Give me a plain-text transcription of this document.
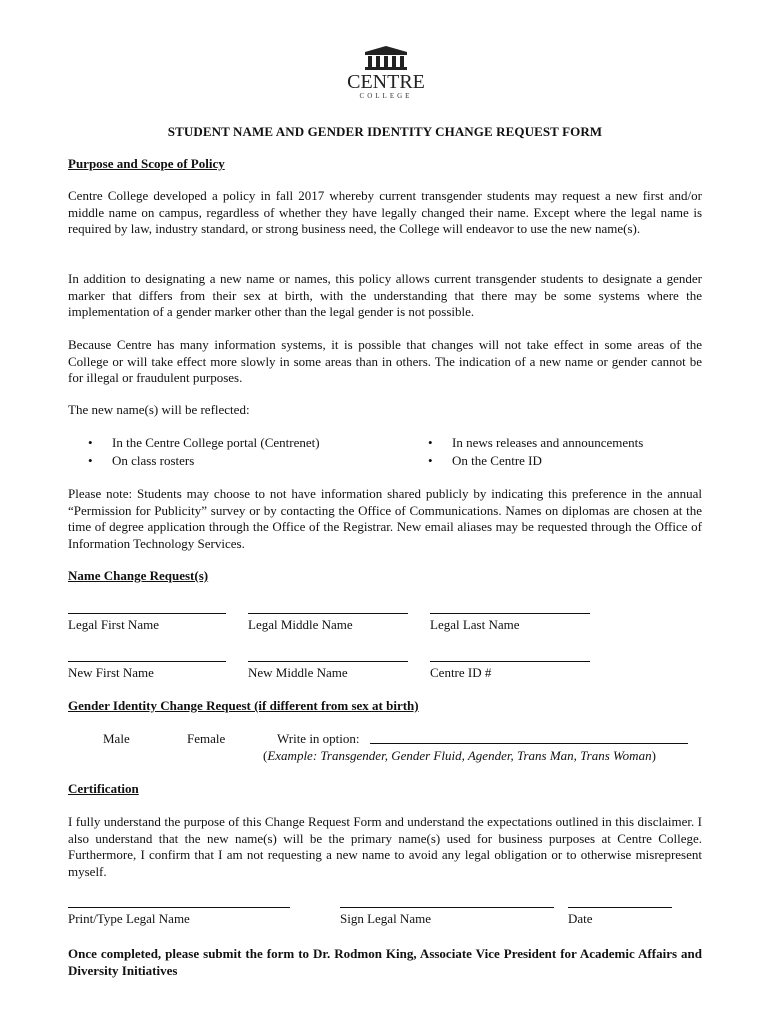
CENTRE
COLLEGE
STUDENT NAME AND GENDER IDENTITY CHANGE REQUEST FORM
Purpose and Scope of Policy
Centre College developed a policy in fall 2017 whereby current transgender students may request a new first and/or middle name on campus, regardless of whether they have legally changed their name. Except where the legal name is required by law, industry standard, or strong business need, the College will endeavor to use the new name(s).
In addition to designating a new name or names, this policy allows current transgender students to designate a gender marker that differs from their sex at birth, with the understanding that there may be some systems where the implementation of a gender marker other than the legal gender is not possible.
Because Centre has many information systems, it is possible that changes will not take effect in some areas of the College or will take effect more slowly in some areas than in others. The indication of a new name or gender cannot be for illegal or fraudulent purposes.
The new name(s) will be reflected:
• In the Centre College portal (Centrenet)
• On class rosters
• In news releases and announcements
• On the Centre ID
Please note: Students may choose to not have information shared publicly by indicating this preference in the annual “Permission for Publicity” survey or by contacting the Office of Communications. Names on diplomas are chosen at the time of degree application through the Office of the Registrar. New email aliases may be requested through the Office of Information Technology Services.
Name Change Request(s)
Legal First Name	Legal Middle Name	Legal Last Name
New First Name	New Middle Name	Centre ID #
Gender Identity Change Request (if different from sex at birth)
Male	Female	Write in option:
(Example: Transgender, Gender Fluid, Agender, Trans Man, Trans Woman)
Certification
I fully understand the purpose of this Change Request Form and understand the expectations outlined in this disclaimer. I also understand that the new name(s) will be the primary name(s) used for business purposes at Centre College. Furthermore, I confirm that I am not requesting a new name to avoid any legal obligation or to otherwise misrepresent myself.
Print/Type Legal Name	Sign Legal Name	Date
Once completed, please submit the form to Dr. Rodmon King, Associate Vice President for Academic Affairs and Diversity Initiatives
